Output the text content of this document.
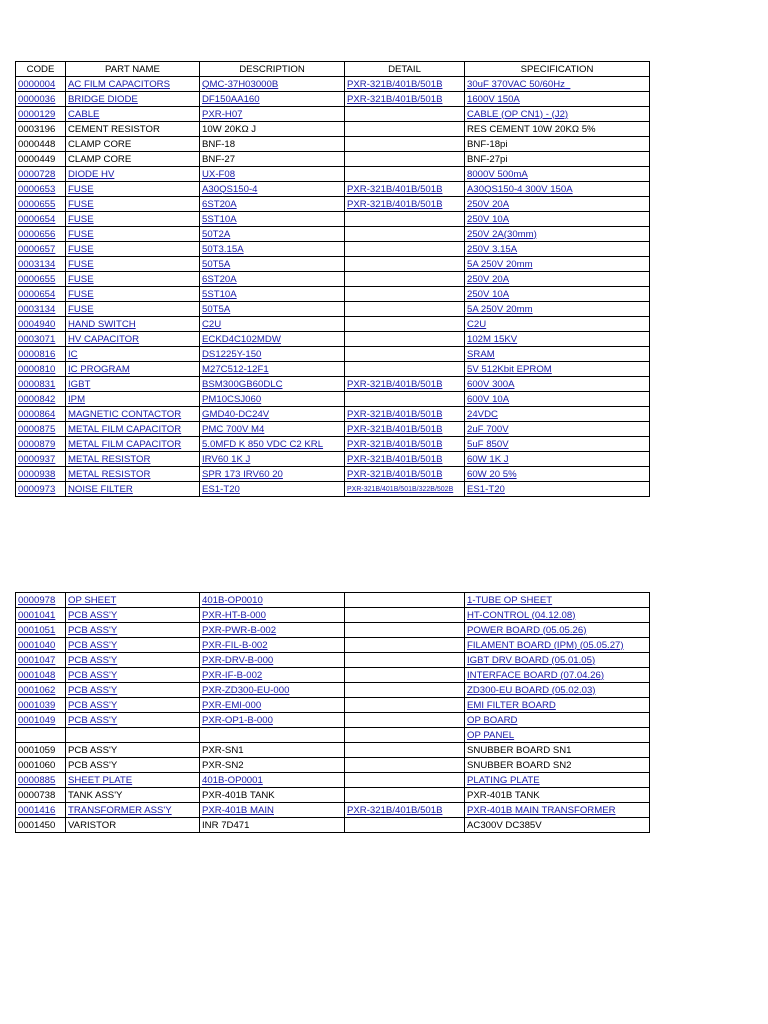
CODE	PART NAME	DESCRIPTION	DETAIL	SPECIFICATION
0000004	AC FILM CAPACITORS	QMC-37H03000B	PXR-321B/401B/501B	30uF 370VAC 50/60Hz_
0000036	BRIDGE DIODE	DF150AA160	PXR-321B/401B/501B	1600V 150A
0000129	CABLE	PXR-H07		CABLE (OP CN1) - (J2)
0003196	CEMENT RESISTOR	10W 20KΩ J		RES CEMENT 10W 20KΩ 5%
0000448	CLAMP CORE	BNF-18		BNF-18pi
0000449	CLAMP CORE	BNF-27		BNF-27pi
0000728	DIODE HV	UX-F08		8000V 500mA
0000653	FUSE	A30QS150-4	PXR-321B/401B/501B	A30QS150-4 300V 150A
0000655	FUSE	6ST20A	PXR-321B/401B/501B	250V 20A
0000654	FUSE	5ST10A		250V 10A
0000656	FUSE	50T2A		250V 2A(30mm)
0000657	FUSE	50T3.15A		250V 3.15A
0003134	FUSE	50T5A		5A 250V 20mm
0000655	FUSE	6ST20A		250V 20A
0000654	FUSE	5ST10A		250V 10A
0003134	FUSE	50T5A		5A 250V 20mm
0004940	HAND SWITCH	C2U		C2U
0003071	HV CAPACITOR	ECKD4C102MDW		102M 15KV
0000816	IC	DS1225Y-150		SRAM
0000810	IC PROGRAM	M27C512-12F1		5V 512Kbit EPROM
0000831	IGBT	BSM300GB60DLC	PXR-321B/401B/501B	600V 300A
0000842	IPM	PM10CSJ060		600V 10A
0000864	MAGNETIC CONTACTOR	GMD40-DC24V	PXR-321B/401B/501B	24VDC
0000875	METAL FILM CAPACITOR	PMC 700V M4	PXR-321B/401B/501B	2uF 700V
0000879	METAL FILM CAPACITOR	5.0MFD K 850 VDC C2 KRL	PXR-321B/401B/501B	5uF 850V
0000937	METAL RESISTOR	IRV60 1K J	PXR-321B/401B/501B	60W 1K J
0000938	METAL RESISTOR	SPR 173 IRV60 20	PXR-321B/401B/501B	60W 20 5%
0000973	NOISE FILTER	ES1-T20	PXR-321B/401B/501B/322B/502B	ES1-T20
0000978	OP SHEET	401B-OP0010		1-TUBE OP SHEET
0001041	PCB ASS'Y	PXR-HT-B-000		HT-CONTROL (04.12.08)
0001051	PCB ASS'Y	PXR-PWR-B-002		POWER BOARD (05.05.26)
0001040	PCB ASS'Y	PXR-FIL-B-002		FILAMENT BOARD (IPM) (05.05.27)
0001047	PCB ASS'Y	PXR-DRV-B-000		IGBT DRV BOARD (05.01.05)
0001048	PCB ASS'Y	PXR-IF-B-002		INTERFACE BOARD (07.04.26)
0001062	PCB ASS'Y	PXR-ZD300-EU-000		ZD300-EU BOARD (05.02.03)
0001039	PCB ASS'Y	PXR-EMI-000		EMI FILTER BOARD
0001049	PCB ASS'Y	PXR-OP1-B-000		OP BOARD
				OP PANEL
0001059	PCB ASS'Y	PXR-SN1		SNUBBER BOARD SN1
0001060	PCB ASS'Y	PXR-SN2		SNUBBER BOARD SN2
0000885	SHEET PLATE	401B-OP0001		PLATING PLATE
0000738	TANK ASS'Y	PXR-401B TANK		PXR-401B TANK
0001416	TRANSFORMER ASS'Y	PXR-401B MAIN	PXR-321B/401B/501B	PXR-401B MAIN TRANSFORMER
0001450	VARISTOR	INR 7D471		AC300V DC385V
